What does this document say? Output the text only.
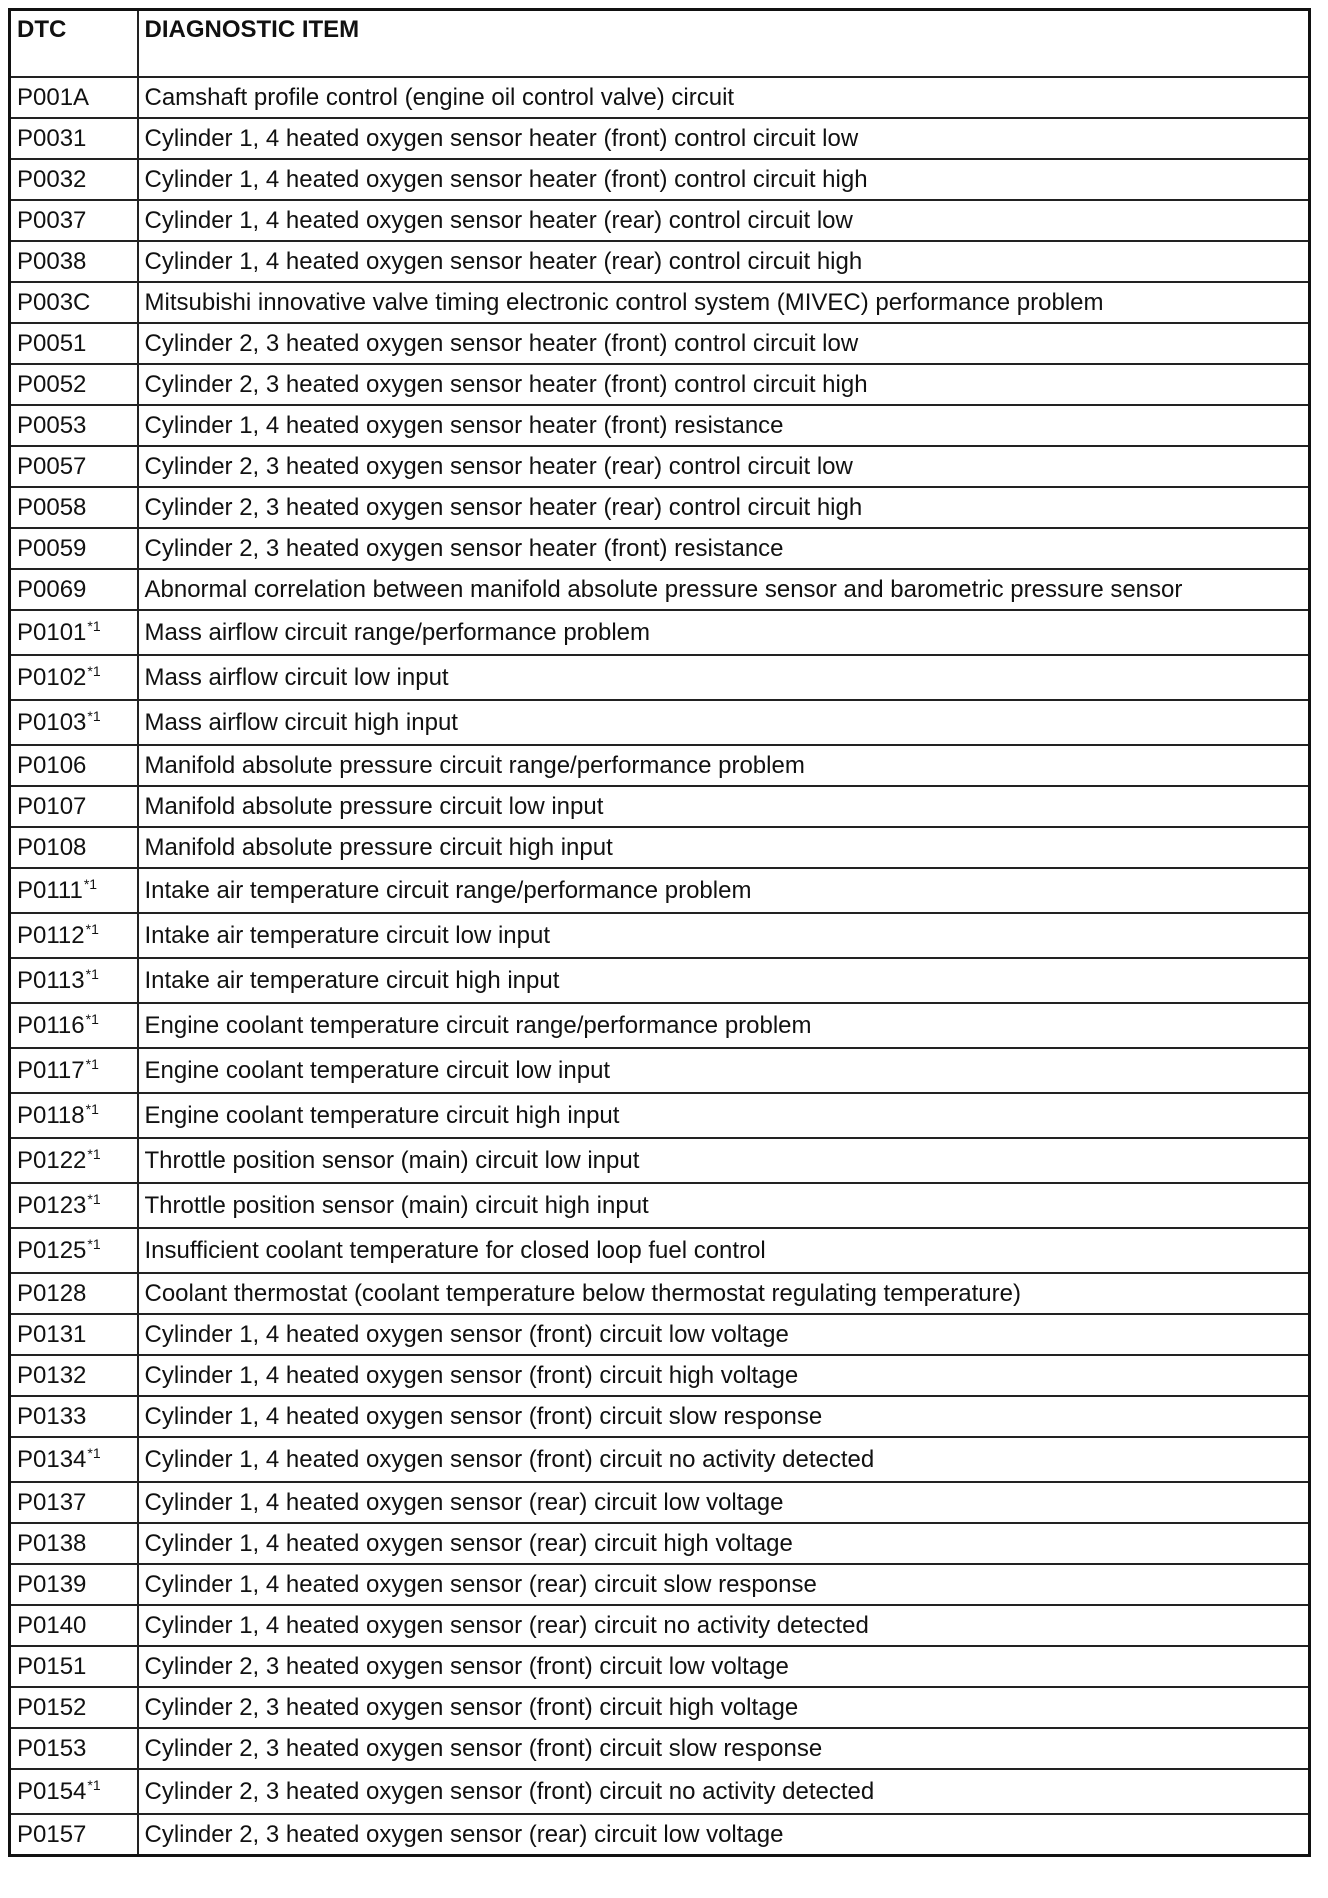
DTC	DIAGNOSTIC ITEM
P001A	Camshaft profile control (engine oil control valve) circuit
P0031	Cylinder 1, 4 heated oxygen sensor heater (front) control circuit low
P0032	Cylinder 1, 4 heated oxygen sensor heater (front) control circuit high
P0037	Cylinder 1, 4 heated oxygen sensor heater (rear) control circuit low
P0038	Cylinder 1, 4 heated oxygen sensor heater (rear) control circuit high
P003C	Mitsubishi innovative valve timing electronic control system (MIVEC) performance problem
P0051	Cylinder 2, 3 heated oxygen sensor heater (front) control circuit low
P0052	Cylinder 2, 3 heated oxygen sensor heater (front) control circuit high
P0053	Cylinder 1, 4 heated oxygen sensor heater (front) resistance
P0057	Cylinder 2, 3 heated oxygen sensor heater (rear) control circuit low
P0058	Cylinder 2, 3 heated oxygen sensor heater (rear) control circuit high
P0059	Cylinder 2, 3 heated oxygen sensor heater (front) resistance
P0069	Abnormal correlation between manifold absolute pressure sensor and barometric pressure sensor
P0101$^{*1}$	Mass airflow circuit range/performance problem
P0102$^{*1}$	Mass airflow circuit low input
P0103$^{*1}$	Mass airflow circuit high input
P0106	Manifold absolute pressure circuit range/performance problem
P0107	Manifold absolute pressure circuit low input
P0108	Manifold absolute pressure circuit high input
P0111$^{*1}$	Intake air temperature circuit range/performance problem
P0112$^{*1}$	Intake air temperature circuit low input
P0113$^{*1}$	Intake air temperature circuit high input
P0116$^{*1}$	Engine coolant temperature circuit range/performance problem
P0117$^{*1}$	Engine coolant temperature circuit low input
P0118$^{*1}$	Engine coolant temperature circuit high input
P0122$^{*1}$	Throttle position sensor (main) circuit low input
P0123$^{*1}$	Throttle position sensor (main) circuit high input
P0125$^{*1}$	Insufficient coolant temperature for closed loop fuel control
P0128	Coolant thermostat (coolant temperature below thermostat regulating temperature)
P0131	Cylinder 1, 4 heated oxygen sensor (front) circuit low voltage
P0132	Cylinder 1, 4 heated oxygen sensor (front) circuit high voltage
P0133	Cylinder 1, 4 heated oxygen sensor (front) circuit slow response
P0134$^{*1}$	Cylinder 1, 4 heated oxygen sensor (front) circuit no activity detected
P0137	Cylinder 1, 4 heated oxygen sensor (rear) circuit low voltage
P0138	Cylinder 1, 4 heated oxygen sensor (rear) circuit high voltage
P0139	Cylinder 1, 4 heated oxygen sensor (rear) circuit slow response
P0140	Cylinder 1, 4 heated oxygen sensor (rear) circuit no activity detected
P0151	Cylinder 2, 3 heated oxygen sensor (front) circuit low voltage
P0152	Cylinder 2, 3 heated oxygen sensor (front) circuit high voltage
P0153	Cylinder 2, 3 heated oxygen sensor (front) circuit slow response
P0154$^{*1}$	Cylinder 2, 3 heated oxygen sensor (front) circuit no activity detected
P0157	Cylinder 2, 3 heated oxygen sensor (rear) circuit low voltage
